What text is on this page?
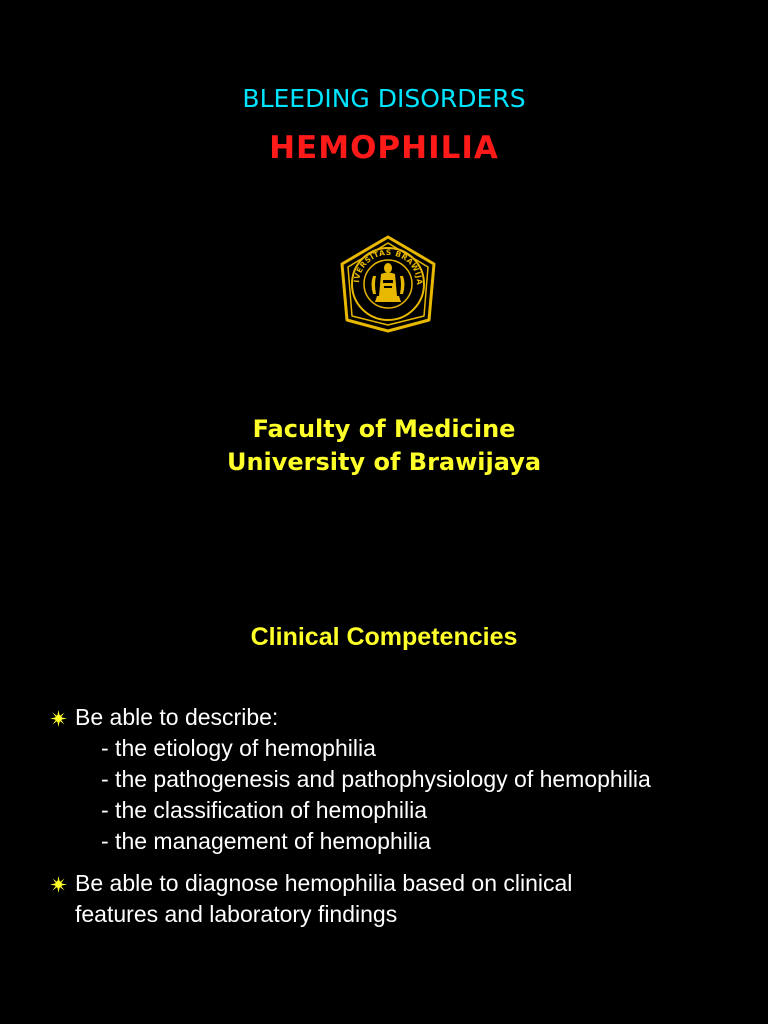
BLEEDING DISORDERS
HEMOPHILIA
IVERSITAS BRAWIJA
Faculty of Medicine
University of Brawijaya
Clinical Competencies
Be able to describe:
- the etiology of hemophilia
- the pathogenesis and pathophysiology of hemophilia
- the classification of hemophilia
- the management of hemophilia
Be able to diagnose hemophilia based on clinical
features and laboratory findings
